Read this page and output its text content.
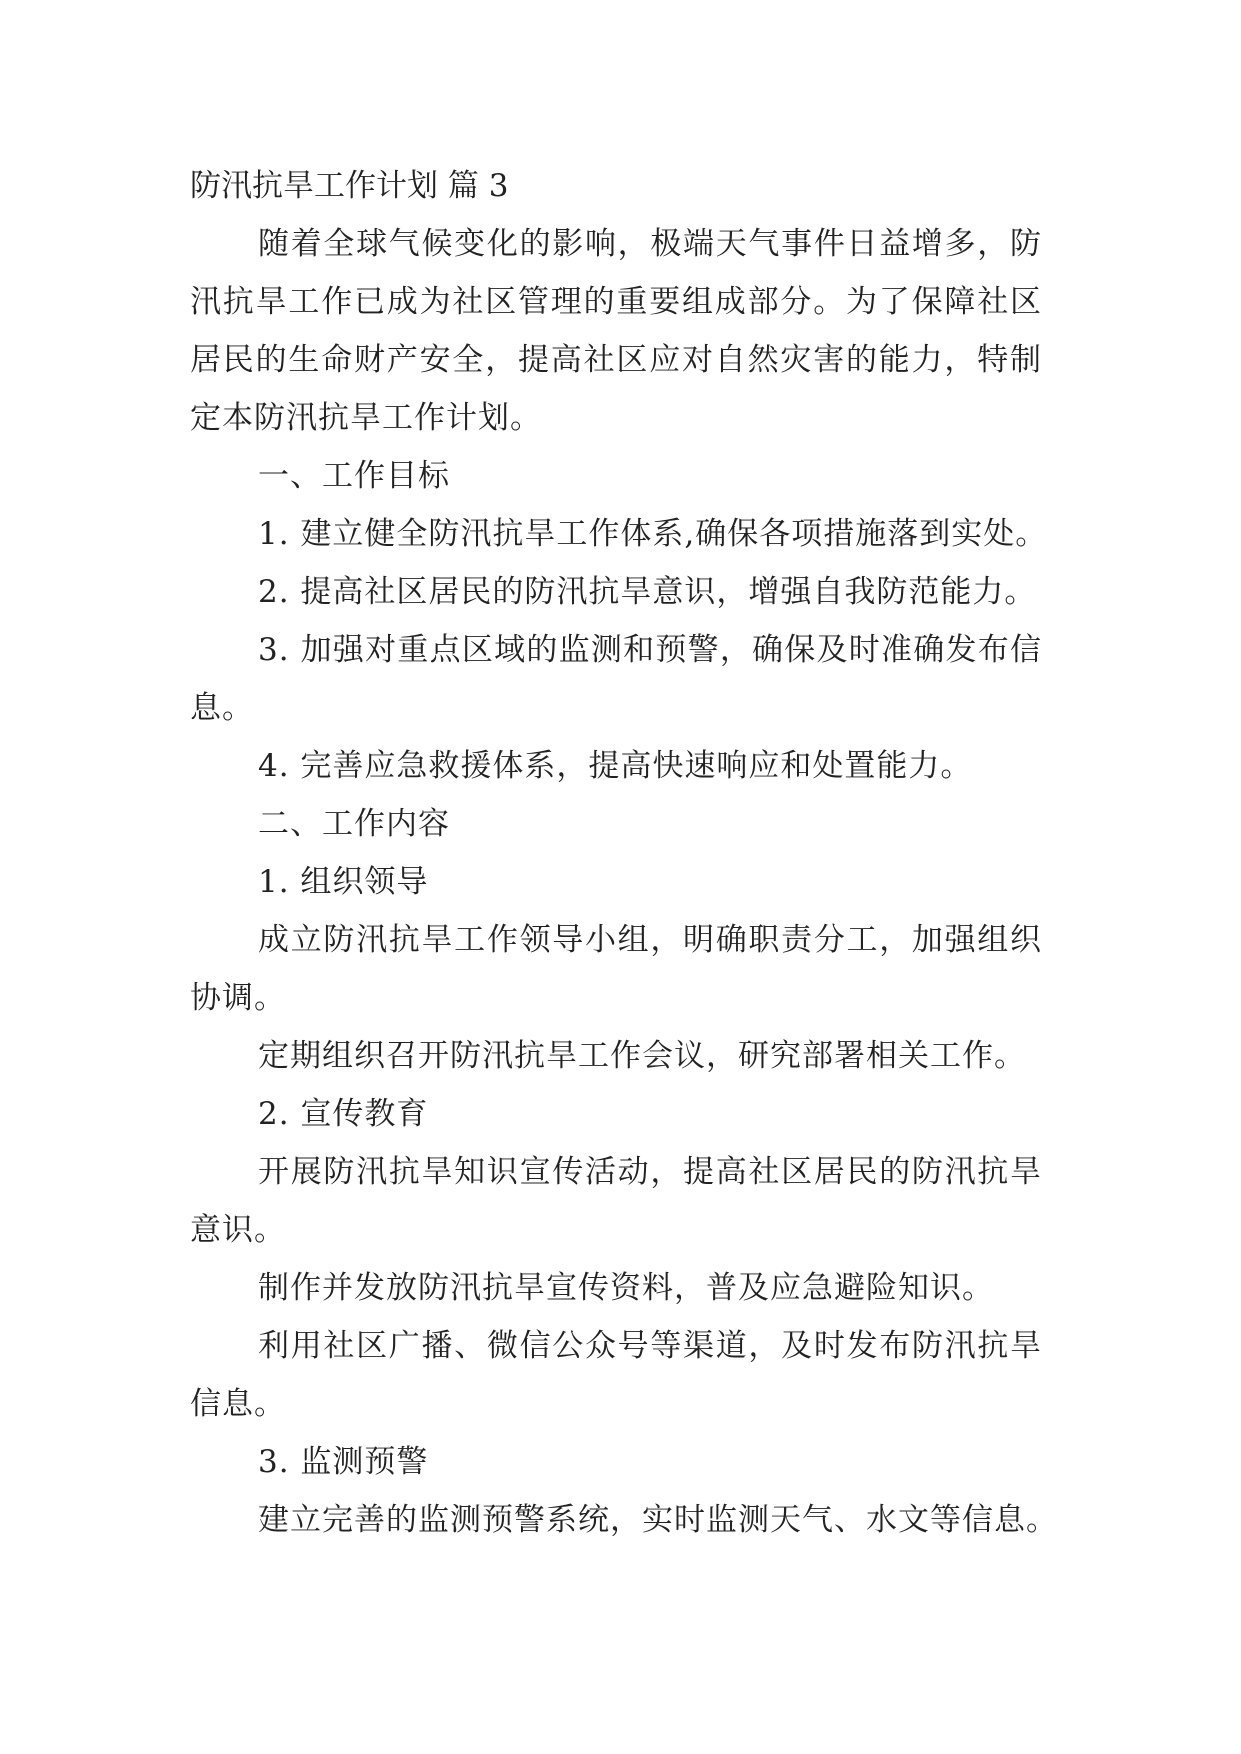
防汛抗旱工作计划 篇 3

随着全球气候变化的影响，极端天气事件日益增多，防

汛抗旱工作已成为社区管理的重要组成部分。为了保障社区

居民的生命财产安全，提高社区应对自然灾害的能力，特制

定本防汛抗旱工作计划。

一、工作目标

1. 建立健全防汛抗旱工作体系,确保各项措施落到实处。

2. 提高社区居民的防汛抗旱意识，增强自我防范能力。

3. 加强对重点区域的监测和预警，确保及时准确发布信

息。

4. 完善应急救援体系，提高快速响应和处置能力。

二、工作内容
1. 组织领导

成立防汛抗旱工作领导小组，明确职责分工，加强组织

协调。

定期组织召开防汛抗旱工作会议，研究部署相关工作。

2. 宣传教育

开展防汛抗旱知识宣传活动，提高社区居民的防汛抗旱

意识。

制作并发放防汛抗旱宣传资料，普及应急避险知识。

利用社区广播、微信公众号等渠道，及时发布防汛抗旱

信息。

3. 监测预警

建立完善的监测预警系统，实时监测天气、水文等信息。
